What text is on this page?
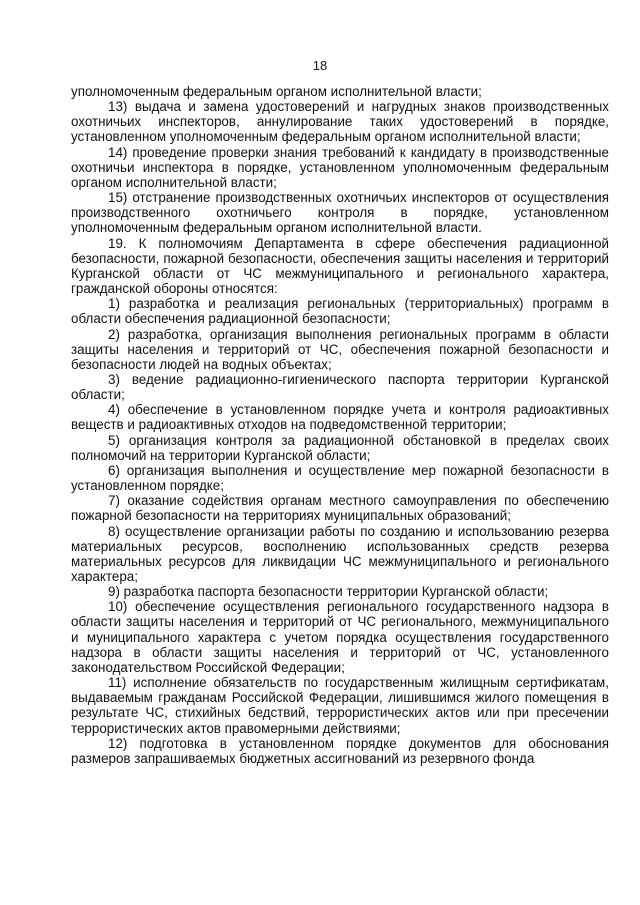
18

уполномоченным федеральным органом исполнительной власти;

13) выдача и замена удостоверений и нагрудных знаков производственных охотничьих инспекторов, аннулирование таких удостоверений в порядке, установленном уполномоченным федеральным органом исполнительной власти;

14) проведение проверки знания требований к кандидату в производственные охотничьи инспектора в порядке, установленном уполномоченным федеральным органом исполнительной власти;

15) отстранение производственных охотничьих инспекторов от осуществления производственного охотничьего контроля в порядке, установленном уполномоченным федеральным органом исполнительной власти.

19. К полномочиям Департамента в сфере обеспечения радиационной безопасности, пожарной безопасности, обеспечения защиты населения и территорий Курганской области от ЧС межмуниципального и регионального характера, гражданской обороны относятся:

1) разработка и реализация региональных (территориальных) программ в области обеспечения радиационной безопасности;

2) разработка, организация выполнения региональных программ в области защиты населения и территорий от ЧС, обеспечения пожарной безопасности и безопасности людей на водных объектах;

3) ведение радиационно-гигиенического паспорта территории Курганской области;

4) обеспечение в установленном порядке учета и контроля радиоактивных веществ и радиоактивных отходов на подведомственной территории;

5) организация контроля за радиационной обстановкой в пределах своих полномочий на территории Курганской области;

6) организация выполнения и осуществление мер пожарной безопасности в установленном порядке;

7) оказание содействия органам местного самоуправления по обеспечению пожарной безопасности на территориях муниципальных образований;

8) осуществление организации работы по созданию и использованию резерва материальных ресурсов, восполнению использованных средств резерва материальных ресурсов для ликвидации ЧС межмуниципального и регионального характера;

9) разработка паспорта безопасности территории Курганской области;

10) обеспечение осуществления регионального государственного надзора в области защиты населения и территорий от ЧС регионального, межмуниципального и муниципального характера с учетом порядка осуществления государственного надзора в области защиты населения и территорий от ЧС, установленного законодательством Российской Федерации;

11) исполнение обязательств по государственным жилищным сертификатам, выдаваемым гражданам Российской Федерации, лишившимся жилого помещения в результате ЧС, стихийных бедствий, террористических актов или при пресечении террористических актов правомерными действиями;

12) подготовка в установленном порядке документов для обоснования размеров запрашиваемых бюджетных ассигнований из резервного фонда
